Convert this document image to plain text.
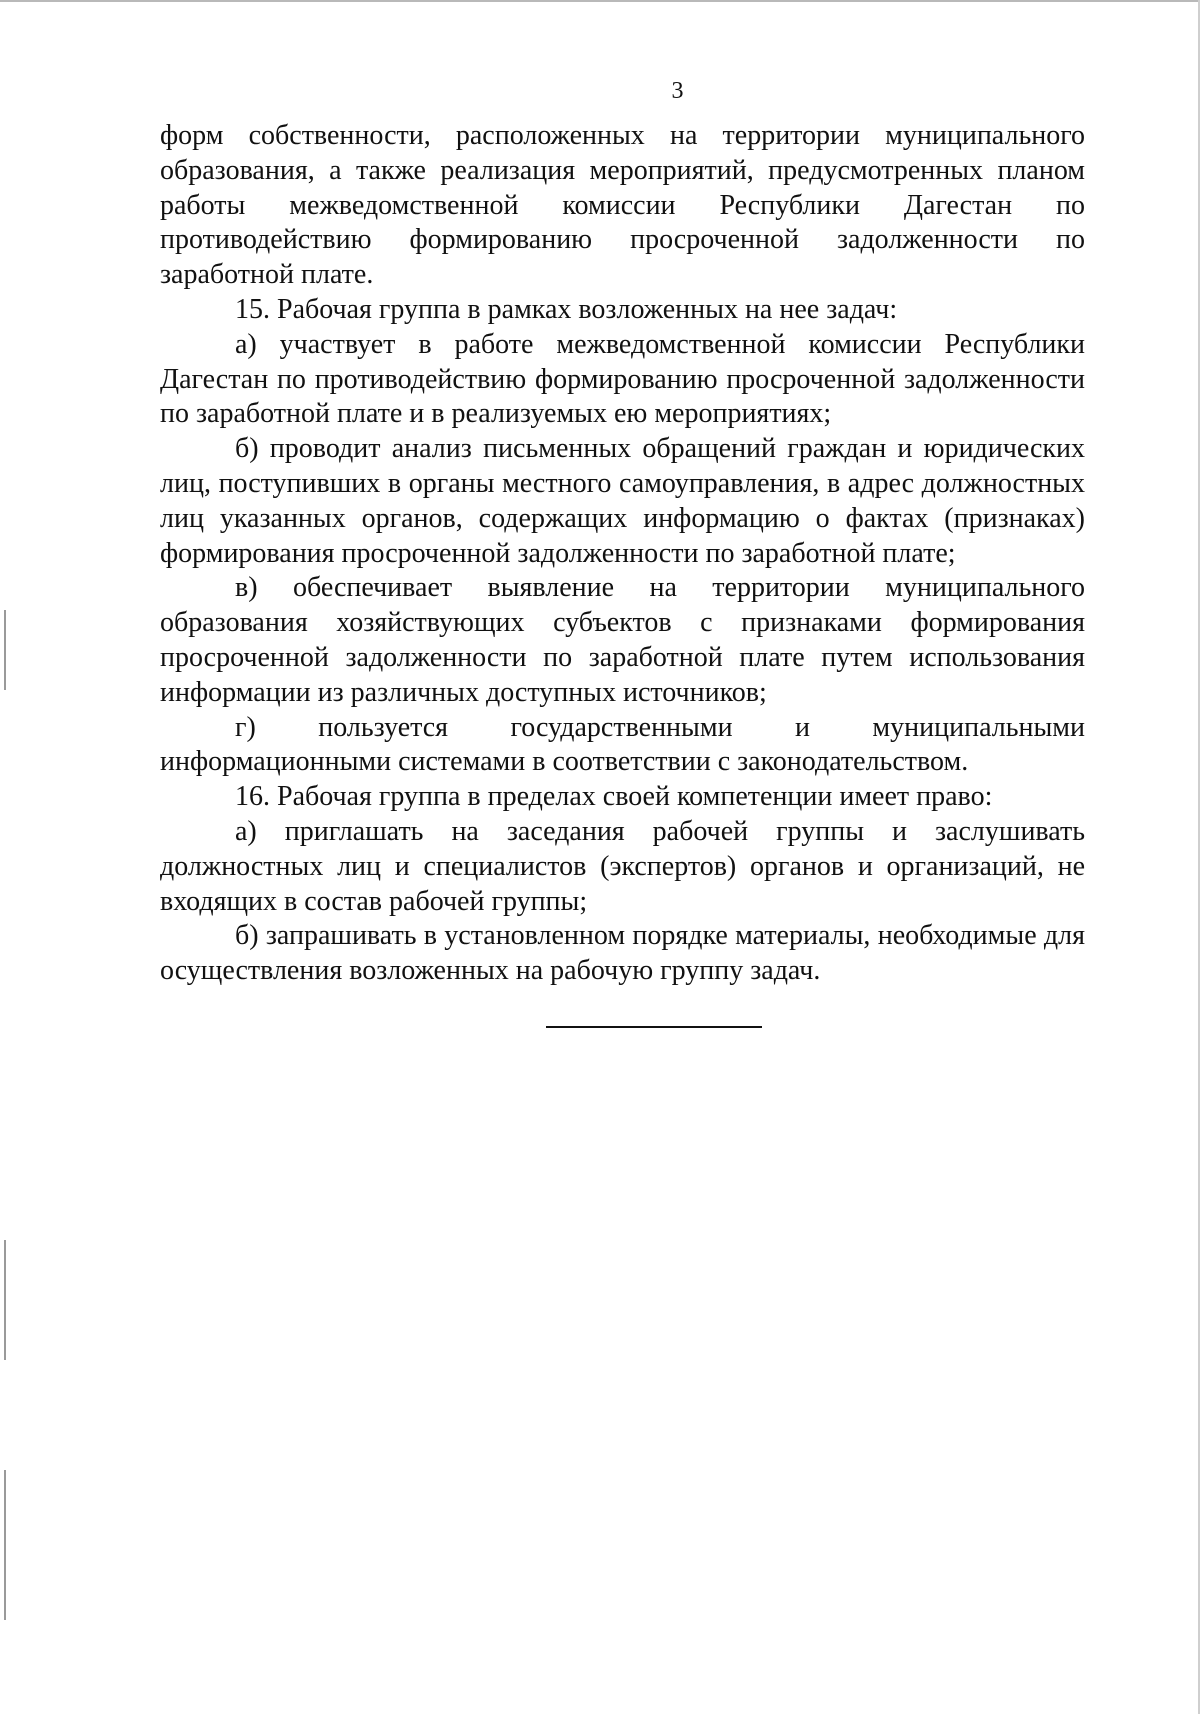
3

форм собственности, расположенных на территории муниципального образования, а также реализация мероприятий, предусмотренных планом работы межведомственной комиссии Республики Дагестан по противодействию формированию просроченной задолженности по заработной плате.

15. Рабочая группа в рамках возложенных на нее задач:

а) участвует в работе межведомственной комиссии Республики Дагестан по противодействию формированию просроченной задолженности по заработной плате и в реализуемых ею мероприятиях;

б) проводит анализ письменных обращений граждан и юридических лиц, поступивших в органы местного самоуправления, в адрес должностных лиц указанных органов, содержащих информацию о фактах (признаках) формирования просроченной задолженности по заработной плате;

в) обеспечивает выявление на территории муниципального образования хозяйствующих субъектов с признаками формирования просроченной задолженности по заработной плате путем использования информации из различных доступных источников;

г) пользуется государственными и муниципальными информационными системами в соответствии с законодательством.

16. Рабочая группа в пределах своей компетенции имеет право:

а) приглашать на заседания рабочей группы и заслушивать должностных лиц и специалистов (экспертов) органов и организаций, не входящих в состав рабочей группы;

б) запрашивать в установленном порядке материалы, необходимые для осуществления возложенных на рабочую группу задач.
